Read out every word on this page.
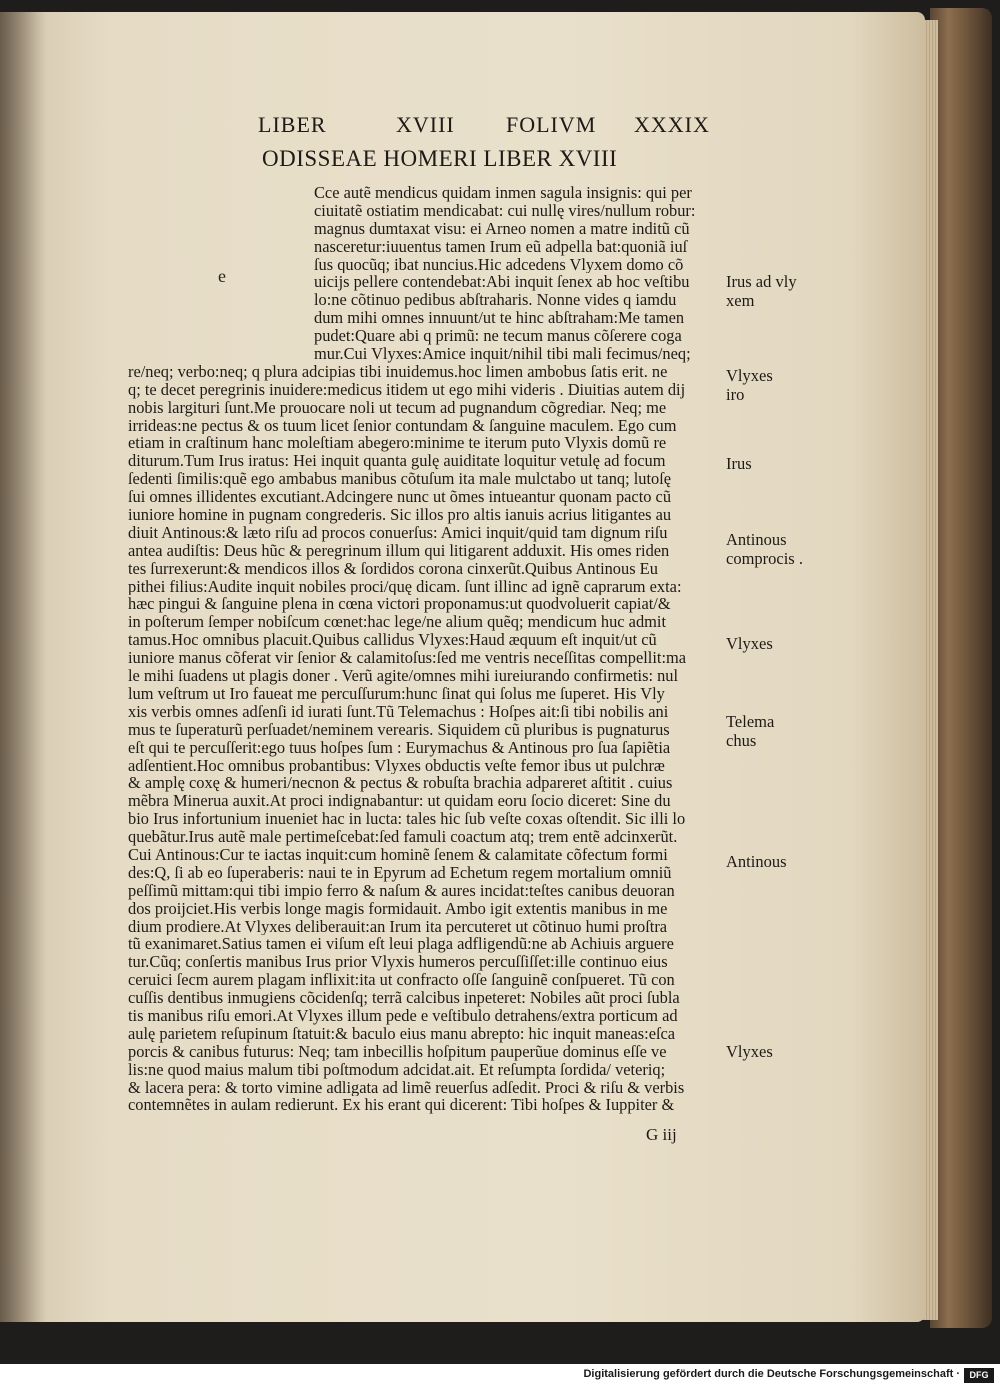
LIBER	XVIII FOLIVM XXXIX
ODISSEAE HOMERI LIBER XVIII
e
Cce autẽ mendicus quidam inmen sagula insignis: qui per
ciuitatẽ ostiatim mendicabat: cui nullę vires/nullum robur:
magnus dumtaxat visu: ei Arneo nomen a matre inditũ cũ
nasceretur:iuuentus tamen Irum eũ adpella bat:quoniã iuſ
ſus quocũq; ibat nuncius.Hic adcedens Vlyxem domo cõ
uicijs pellere contendebat:Abi inquit ſenex ab hoc veſtibu
lo:ne cõtinuo pedibus abſtraharis. Nonne vides q iamdu
dum mihi omnes innuunt/ut te hinc abſtraham:Me tamen
pudet:Quare abi q primũ: ne tecum manus cõſerere coga
mur.Cui Vlyxes:Amice inquit/nihil tibi mali fecimus/neq;
re/neq; verbo:neq; q plura adcipias tibi inuidemus.hoc limen ambobus ſatis erit. ne
q; te decet peregrinis inuidere:medicus itidem ut ego mihi videris . Diuitias autem dij
nobis largituri ſunt.Me prouocare noli ut tecum ad pugnandum cõgrediar. Neq; me
irrideas:ne pectus & os tuum licet ſenior contundam & ſanguine maculem. Ego cum
etiam in craſtinum hanc moleſtiam abegero:minime te iterum puto Vlyxis domũ re
diturum.Tum Irus iratus: Hei inquit quanta gulę auiditate loquitur vetulę ad focum
ſedenti ſimilis:quẽ ego ambabus manibus cõtuſum ita male mulctabo ut tanq; lutoſę
ſui omnes illidentes excutiant.Adcingere nunc ut õmes intueantur quonam pacto cũ
iuniore homine in pugnam congrederis. Sic illos pro altis ianuis acrius litigantes au
diuit Antinous:& læto riſu ad procos conuerſus: Amici inquit/quid tam dignum riſu
antea audiſtis: Deus hũc & peregrinum illum qui litigarent adduxit. His omes riden
tes ſurrexerunt:& mendicos illos & ſordidos corona cinxerũt.Quibus Antinous Eu
pithei filius:Audite inquit nobiles proci/quę dicam. ſunt illinc ad ignẽ caprarum exta:
hæc pingui & ſanguine plena in cœna victori proponamus:ut quodvoluerit capiat/&
in poſterum ſemper nobiſcum cœnet:hac lege/ne alium quẽq; mendicum huc admit
tamus.Hoc omnibus placuit.Quibus callidus Vlyxes:Haud æquum eſt inquit/ut cũ
iuniore manus cõferat vir ſenior & calamitoſus:ſed me ventris neceſſitas compellit:ma
le mihi ſuadens ut plagis doner . Verũ agite/omnes mihi iureiurando confirmetis: nul
lum veſtrum ut Iro faueat me percuſſurum:hunc ſinat qui ſolus me ſuperet. His Vly
xis verbis omnes adſenſi id iurati ſunt.Tũ Telemachus : Hoſpes ait:ſi tibi nobilis ani
mus te ſuperaturũ perſuadet/neminem verearis. Siquidem cũ pluribus is pugnaturus
eſt qui te percuſſerit:ego tuus hoſpes ſum : Eurymachus & Antinous pro ſua ſapiẽtia
adſentient.Hoc omnibus probantibus: Vlyxes obductis veſte femor ibus ut pulchræ
& amplę coxę & humeri/necnon & pectus & robuſta brachia adpareret aſtitit . cuius
mẽbra Minerua auxit.At proci indignabantur: ut quidam eoru ſocio diceret: Sine du
bio Irus infortunium inueniet hac in lucta: tales hic ſub veſte coxas oſtendit. Sic illi lo
quebãtur.Irus autẽ male pertimeſcebat:ſed famuli coactum atq; trem entẽ adcinxerũt.
Cui Antinous:Cur te iactas inquit:cum hominẽ ſenem & calamitate cõfectum formi
des:Q, ſi ab eo ſuperaberis: naui te in Epyrum ad Echetum regem mortalium omniũ
peſſimũ mittam:qui tibi impio ferro & naſum & aures incidat:teſtes canibus deuoran
dos proijciet.His verbis longe magis formidauit. Ambo igit extentis manibus in me
dium prodiere.At Vlyxes deliberauit:an Irum ita percuteret ut cõtinuo humi proſtra
tũ exanimaret.Satius tamen ei viſum eſt leui plaga adfligendũ:ne ab Achiuis arguere
tur.Cũq; conſertis manibus Irus prior Vlyxis humeros percuſſiſſet:ille continuo eius
ceruici ſecm aurem plagam inflixit:ita ut confracto oſſe ſanguinẽ conſpueret. Tũ con
cuſſis dentibus inmugiens cõcidenſq; terrã calcibus inpeteret: Nobiles aũt proci ſubla
tis manibus riſu emori.At Vlyxes illum pede e veſtibulo detrahens/extra porticum ad
aulę parietem reſupinum ſtatuit:& baculo eius manu abrepto: hic inquit maneas:eſca
porcis & canibus futurus: Neq; tam inbecillis hoſpitum pauperũue dominus eſſe ve
lis:ne quod maius malum tibi poſtmodum adcidat.ait. Et reſumpta ſordida/ veteriq;
& lacera pera: & torto vimine adligata ad limẽ reuerſus adſedit. Proci & riſu & verbis
contemnẽtes in aulam redierunt. Ex his erant qui dicerent: Tibi hoſpes & Iuppiter &
Irus ad vly
xem
Vlyxes
iro
Irus
Antinous
comprocis .
Vlyxes
Telema
chus
Antinous
Vlyxes
G iij
Digitalisierung gefördert durch die Deutsche Forschungsgemeinschaft ·	DFG
